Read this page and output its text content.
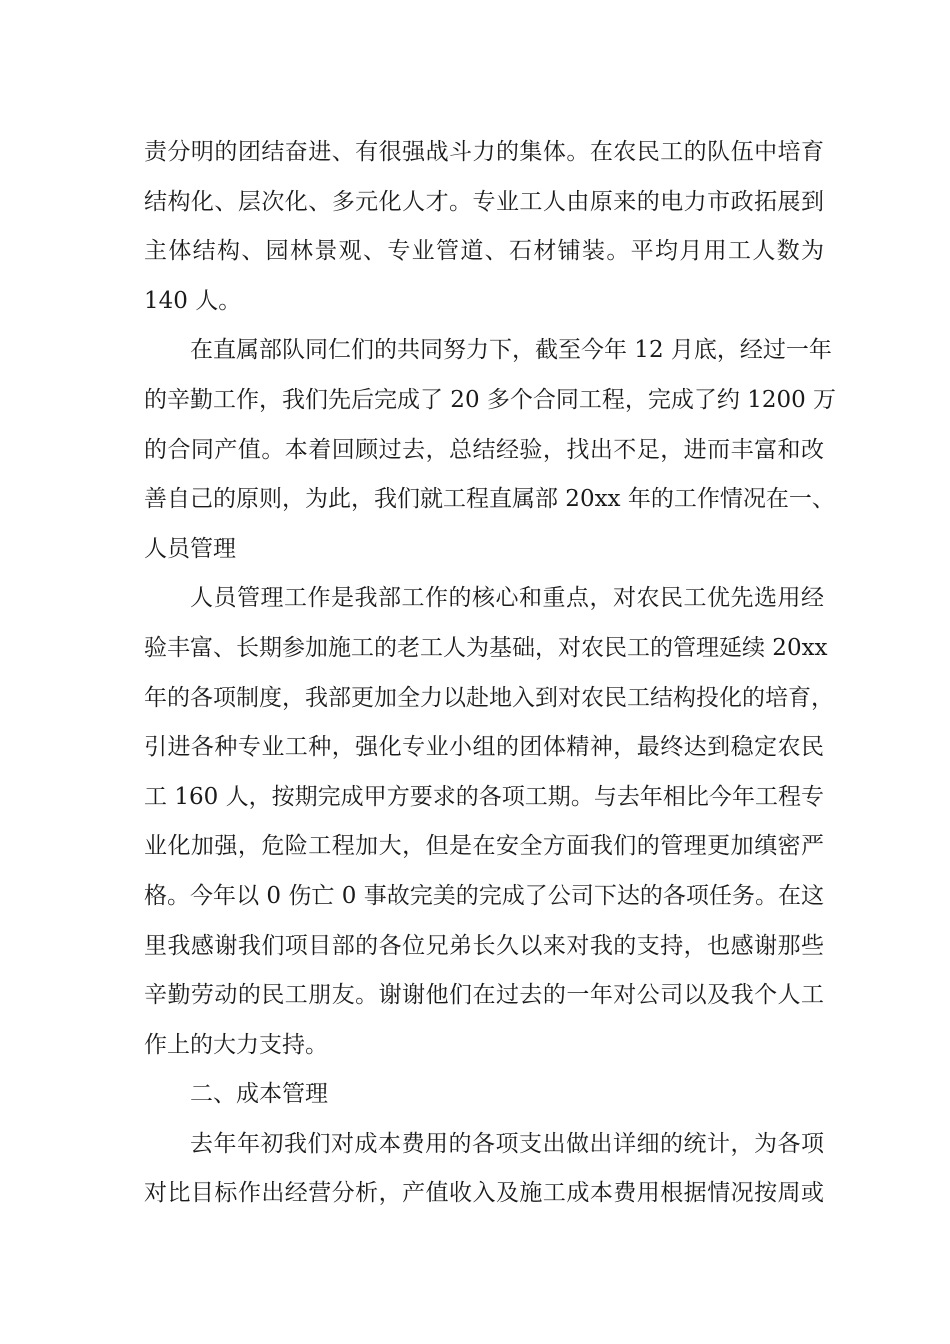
责分明的团结奋进、有很强战斗力的集体。在农民工的队伍中培育
结构化、层次化、多元化人才。专业工人由原来的电力市政拓展到
主体结构、园林景观、专业管道、石材铺装。平均月用工人数为
140 人。
在直属部队同仁们的共同努力下，截至今年 12 月底，经过一年
的辛勤工作，我们先后完成了 20 多个合同工程，完成了约 1200 万
的合同产值。本着回顾过去，总结经验，找出不足，进而丰富和改
善自己的原则，为此，我们就工程直属部 20xx 年的工作情况在一、
人员管理
人员管理工作是我部工作的核心和重点，对农民工优先选用经
验丰富、长期参加施工的老工人为基础，对农民工的管理延续 20xx
年的各项制度，我部更加全力以赴地入到对农民工结构投化的培育，
引进各种专业工种，强化专业小组的团体精神，最终达到稳定农民
工 160 人，按期完成甲方要求的各项工期。与去年相比今年工程专
业化加强，危险工程加大，但是在安全方面我们的管理更加缜密严
格。今年以 0 伤亡 0 事故完美的完成了公司下达的各项任务。在这
里我感谢我们项目部的各位兄弟长久以来对我的支持，也感谢那些
辛勤劳动的民工朋友。谢谢他们在过去的一年对公司以及我个人工
作上的大力支持。
二、成本管理
去年年初我们对成本费用的各项支出做出详细的统计，为各项
对比目标作出经营分析，产值收入及施工成本费用根据情况按周或
